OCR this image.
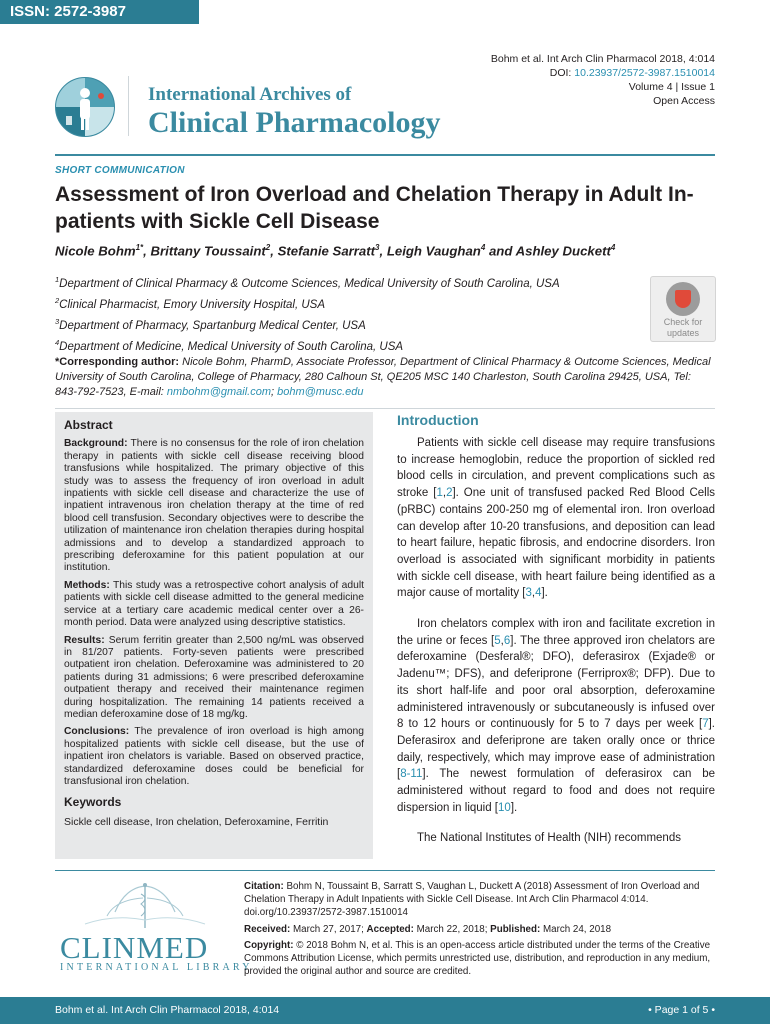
ISSN: 2572-3987
Bohm et al. Int Arch Clin Pharmacol 2018, 4:014
DOI: 10.23937/2572-3987.1510014
Volume 4 | Issue 1
Open Access
International Archives of
Clinical Pharmacology
SHORT COMMUNICATION
Assessment of Iron Overload and Chelation Therapy in Adult In-patients with Sickle Cell Disease
Nicole Bohm$^{1*}$, Brittany Toussaint$^2$, Stefanie Sarratt$^3$, Leigh Vaughan$^4$ and Ashley Duckett$^4$
$^1$Department of Clinical Pharmacy & Outcome Sciences, Medical University of South Carolina, USA
$^2$Clinical Pharmacist, Emory University Hospital, USA
$^3$Department of Pharmacy, Spartanburg Medical Center, USA
$^4$Department of Medicine, Medical University of South Carolina, USA
Check for
updates
*Corresponding author: Nicole Bohm, PharmD, Associate Professor, Department of Clinical Pharmacy & Outcome Sciences, Medical University of South Carolina, College of Pharmacy, 280 Calhoun St, QE205 MSC 140 Charleston, South Carolina 29425, USA, Tel: 843-792-7523, E-mail: nmbohm@gmail.com; bohm@musc.edu
Abstract

Background: There is no consensus for the role of iron chelation therapy in patients with sickle cell disease receiving blood transfusions while hospitalized. The primary objective of this study was to assess the frequency of iron overload in adult inpatients with sickle cell disease and characterize the use of inpatient intravenous iron chelation therapy at the time of red blood cell transfusion. Secondary objectives were to describe the utilization of maintenance iron chelation therapies during hospital admissions and to develop a standardized approach to prescribing deferoxamine for this patient population at our institution.

Methods: This study was a retrospective cohort analysis of adult patients with sickle cell disease admitted to the general medicine service at a tertiary care academic medical center over a 26-month period. Data were analyzed using descriptive statistics.

Results: Serum ferritin greater than 2,500 ng/mL was observed in 81/207 patients. Forty-seven patients were prescribed outpatient iron chelation. Deferoxamine was administered to 20 patients during 31 admissions; 6 were prescribed deferoxamine outpatient therapy and received their maintenance regimen during hospitalization. The remaining 14 patients received a median deferoxamine dose of 18 mg/kg.

Conclusions: The prevalence of iron overload is high among hospitalized patients with sickle cell disease, but the use of inpatient iron chelators is variable. Based on observed practice, standardized deferoxamine doses could be beneficial for transfusional iron chelation.

Keywords
Sickle cell disease, Iron chelation, Deferoxamine, Ferritin
Introduction

Patients with sickle cell disease may require transfusions to increase hemoglobin, reduce the proportion of sickled red blood cells in circulation, and prevent complications such as stroke [1,2]. One unit of transfused packed Red Blood Cells (pRBC) contains 200-250 mg of elemental iron. Iron overload can develop after 10-20 transfusions, and deposition can lead to heart failure, hepatic fibrosis, and endocrine disorders. Iron overload is associated with significant morbidity in patients with sickle cell disease, with heart failure being identified as a major cause of mortality [3,4].

Iron chelators complex with iron and facilitate excretion in the urine or feces [5,6]. The three approved iron chelators are deferoxamine (Desferal®; DFO), deferasirox (Exjade® or Jadenu™; DFS), and deferiprone (Ferriprox®; DFP). Due to its short half-life and poor oral absorption, deferoxamine administered intravenously or subcutaneously is infused over 8 to 12 hours or continuously for 5 to 7 days per week [7]. Deferasirox and deferiprone are taken orally once or thrice daily, respectively, which may improve ease of administration [8-11]. The newest formulation of deferasirox can be administered without regard to food and does not require dispersion in liquid [10].

The National Institutes of Health (NIH) recommends

CLINMED
INTERNATIONAL LIBRARY

Citation: Bohm N, Toussaint B, Sarratt S, Vaughan L, Duckett A (2018) Assessment of Iron Overload and Chelation Therapy in Adult Inpatients with Sickle Cell Disease. Int Arch Clin Pharmacol 4:014. doi.org/10.23937/2572-3987.1510014

Received: March 27, 2017; Accepted: March 22, 2018; Published: March 24, 2018

Copyright: © 2018 Bohm N, et al. This is an open-access article distributed under the terms of the Creative Commons Attribution License, which permits unrestricted use, distribution, and reproduction in any medium, provided the original author and source are credited.

Bohm et al. Int Arch Clin Pharmacol 2018, 4:014	• Page 1 of 5 •
